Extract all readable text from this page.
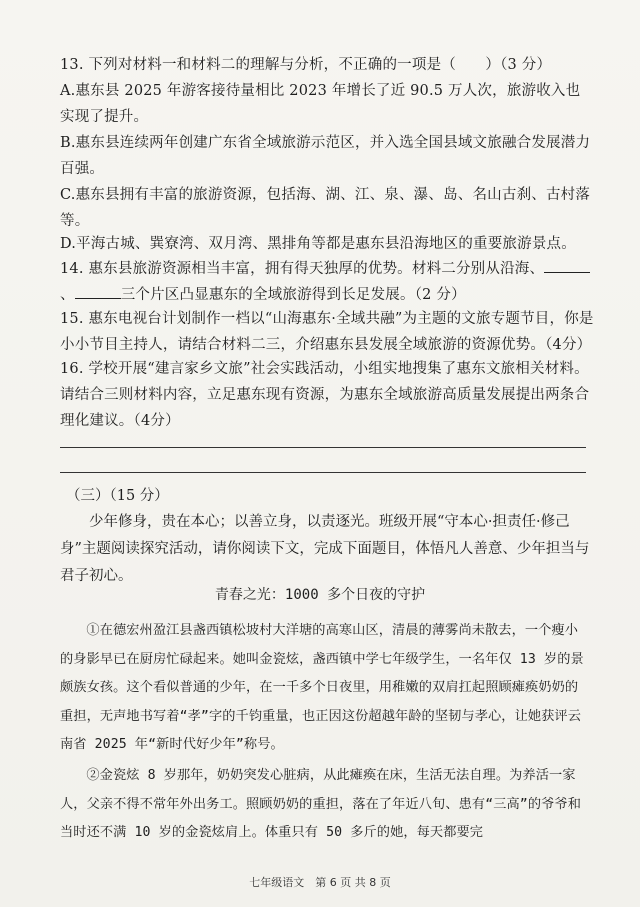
13. 下列对材料一和材料二的理解与分析，不正确的一项是（　　）（3 分）
A.惠东县 2025 年游客接待量相比 2023 年增长了近 90.5 万人次，旅游收入也实现了提升。
B.惠东县连续两年创建广东省全域旅游示范区，并入选全国县域文旅融合发展潜力百强。
C.惠东县拥有丰富的旅游资源，包括海、湖、江、泉、瀑、岛、名山古刹、古村落等。
D.平海古城、巽寮湾、双月湾、黑排角等都是惠东县沿海地区的重要旅游景点。
14. 惠东县旅游资源相当丰富，拥有得天独厚的优势。材料二分别从沿海、、	三个片区凸显惠东的全域旅游得到长足发展。（2 分）
15. 惠东电视台计划制作一档以“山海惠东·全域共融”为主题的文旅专题节目，你是小小节目主持人，请结合材料二三，介绍惠东县发展全域旅游的资源优势。（4分）
16. 学校开展“建言家乡文旅”社会实践活动，小组实地搜集了惠东文旅相关材料。请结合三则材料内容，立足惠东现有资源，为惠东全域旅游高质量发展提出两条合理化建议。（4分）
（三）（15 分）
少年修身，贵在本心；以善立身，以责逐光。班级开展“守本心·担责任·修己身”主题阅读探究活动，请你阅读下文，完成下面题目，体悟凡人善意、少年担当与君子初心。
青春之光：1000 多个日夜的守护
①在德宏州盈江县盏西镇松坡村大洋塘的高寒山区，清晨的薄雾尚未散去，一个瘦小的身影早已在厨房忙碌起来。她叫金瓷炫，盏西镇中学七年级学生，一名年仅 13 岁的景颇族女孩。这个看似普通的少年，在一千多个日夜里，用稚嫩的双肩扛起照顾瘫痪奶奶的重担，无声地书写着“孝”字的千钧重量，也正因这份超越年龄的坚韧与孝心，让她获评云南省 2025 年“新时代好少年”称号。
②金瓷炫 8 岁那年，奶奶突发心脏病，从此瘫痪在床，生活无法自理。为养活一家人，父亲不得不常年外出务工。照顾奶奶的重担，落在了年近八旬、患有“三高”的爷爷和当时还不满 10 岁的金瓷炫肩上。体重只有 50 多斤的她，每天都要完
七年级语文　第 6 页 共 8 页
